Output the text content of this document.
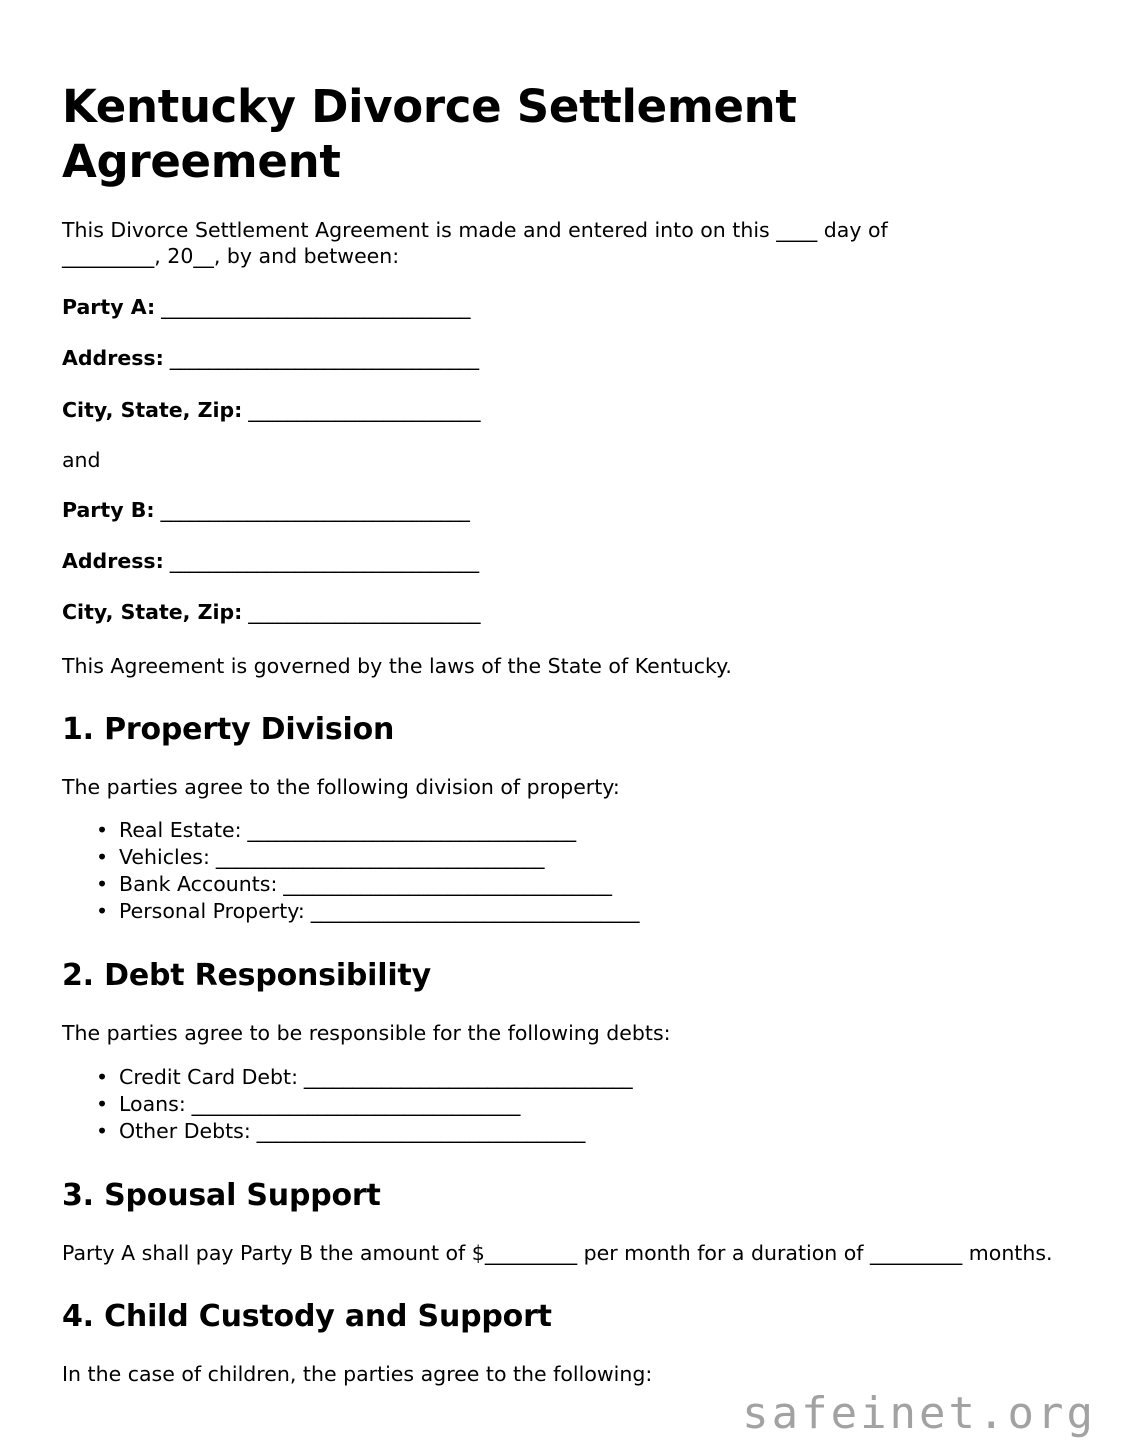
Kentucky Divorce Settlement Agreement

This Divorce Settlement Agreement is made and entered into on this ____ day of _________, 20__, by and between:

Party A: ________________________________

Address: ________________________________

City, State, Zip: ________________________

and

Party B: ________________________________

Address: ________________________________

City, State, Zip: ________________________

This Agreement is governed by the laws of the State of Kentucky.

1. Property Division

The parties agree to the following division of property:

• Real Estate: __________________________________
• Vehicles: __________________________________
• Bank Accounts: __________________________________
• Personal Property: __________________________________
2. Debt Responsibility

The parties agree to be responsible for the following debts:

• Credit Card Debt: __________________________________
• Loans: __________________________________
• Other Debts: __________________________________
3. Spousal Support

Party A shall pay Party B the amount of $_________ per month for a duration of _________ months.

4. Child Custody and Support

In the case of children, the parties agree to the following:

safeinet.org
